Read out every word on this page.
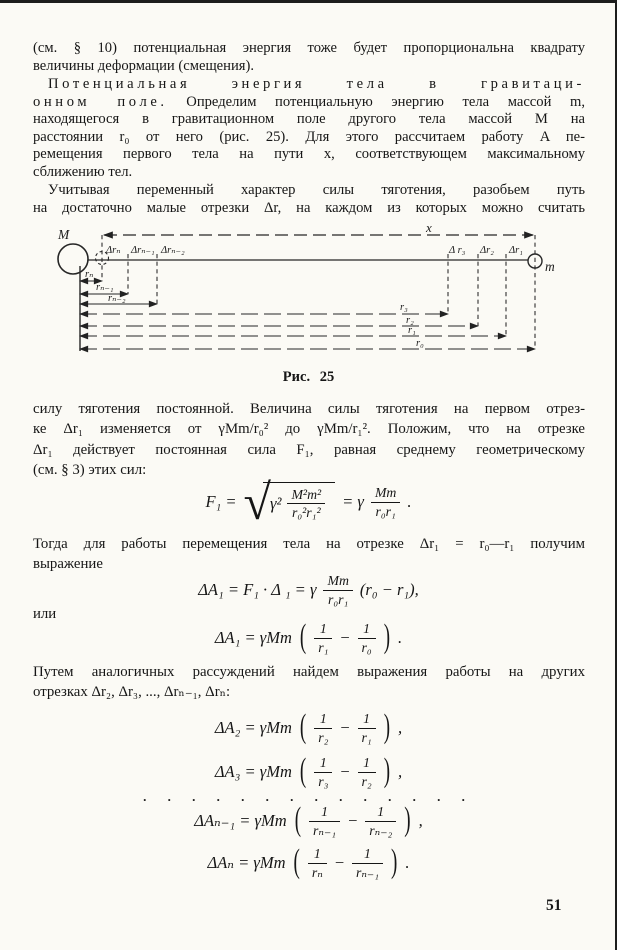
(см. § 10) потенциальная энергия тоже будет пропорциональна квадрату
величины деформации (смещения).
Потенциальная энергия тела в гравитаци-
онном поле. Определим потенциальную энергию тела массой m,
находящегося в гравитационном поле другого тела массой M на
расстоянии r₀ от него (рис. 25). Для этого рассчитаем работу A пе-
ремещения первого тела на пути x, соответствующем максимальному
сближению тел.
Учитывая переменный характер силы тяготения, разобьем путь
на достаточно малые отрезки Δr, на каждом из которых можно считать
M
m
x
Δrₙ Δrₙ₋₁ Δrₙ₋₂	Δ r₃ Δr₂ Δr₁
rₙ
rₙ₋₁
rₙ₋₂
r₃
r₂
r₁
r₀
Рис. 25
силу тяготения постоянной. Величина силы тяготения на первом отрез-
ке Δr₁ изменяется от γMm/r₀² до γMm/r₁². Положим, что на отрезке
Δr₁ действует постоянная сила F₁, равная среднему геометрическому
(см. § 3) этих сил:
F₁ = √ $\gamma^2 \frac{\text{M²m²}}{\text{r₀²r₁²}} = \gamma \frac{Mm}{\text{r₀r₁}}$ .
Тогда для работы перемещения тела на отрезке Δr₁ = r₀—r₁ получим
выражение
ΔA₁ = F₁ · Δ ₁ = γ $\frac{Mm}{\text{r₀r₁}} (r_0 - r_1)$,
или
ΔA₁ = γMm ( $\frac{1}{\text{r₁}} - \frac{1}{\text{r₀}}$ ) .
Путем аналогичных рассуждений найдем выражения работы на других
отрезках Δr₂, Δr₃, ..., Δrₙ₋₁, Δrₙ:
ΔA₂ = γMm ( $\frac{1}{\text{r₂}} - \frac{1}{\text{r₁}}$ ) ,
ΔA₃ = γMm ( $\frac{1}{\text{r₃}} - \frac{1}{\text{r₂}}$ ) ,
. . . . . . . . . . . . . .
ΔAₙ₋₁ = γMm ( $\frac{1}{\text{rₙ₋₁}} - \frac{1}{\text{rₙ₋₂}}$ ) ,
ΔAₙ = γMm ( $\frac{1}{\text{rₙ}} - \frac{1}{\text{rₙ₋₁}}$ ) .
51
